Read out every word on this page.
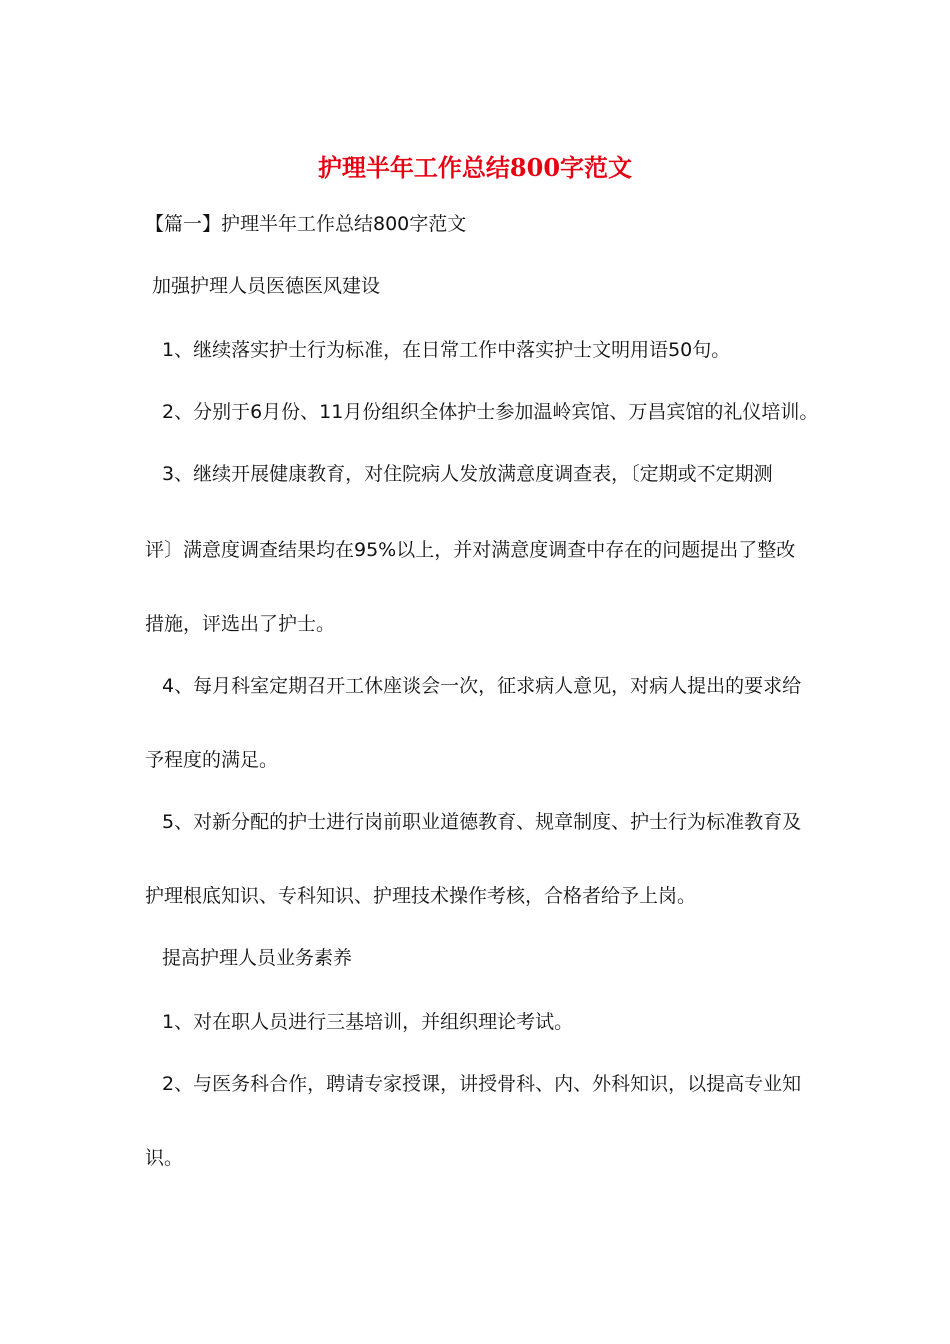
护理半年工作总结800字范文

【篇一】护理半年工作总结800字范文

加强护理人员医德医风建设

1、继续落实护士行为标准，在日常工作中落实护士文明用语50句。

2、分别于6月份、11月份组织全体护士参加温岭宾馆、万昌宾馆的礼仪培训。

3、继续开展健康教育，对住院病人发放满意度调查表，〔定期或不定期测

评〕满意度调查结果均在95%以上，并对满意度调查中存在的问题提出了整改

措施，评选出了护士。

4、每月科室定期召开工休座谈会一次，征求病人意见，对病人提出的要求给

予程度的满足。

5、对新分配的护士进行岗前职业道德教育、规章制度、护士行为标准教育及

护理根底知识、专科知识、护理技术操作考核，合格者给予上岗。

提高护理人员业务素养

1、对在职人员进行三基培训，并组织理论考试。

2、与医务科合作，聘请专家授课，讲授骨科、内、外科知识，以提高专业知

识。
